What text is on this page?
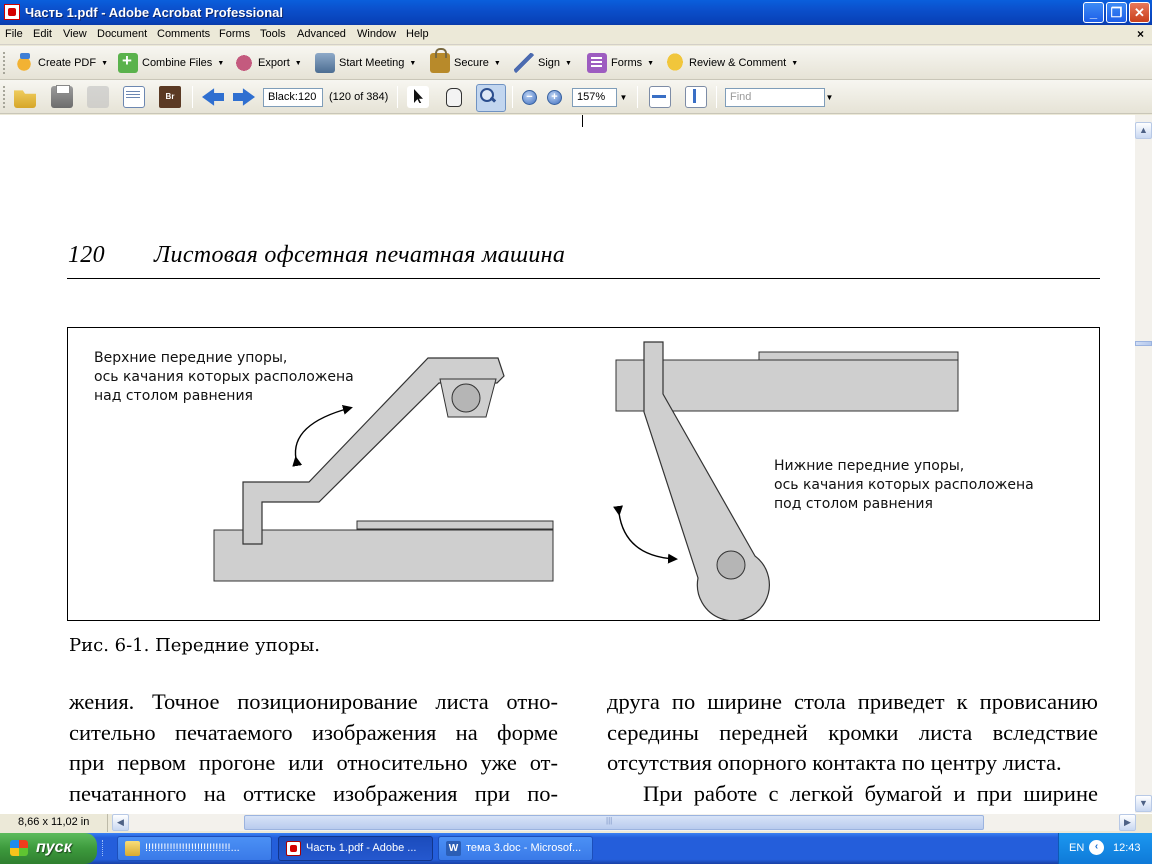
Часть 1.pdf - Adobe Acrobat Professional	_	❐ ✕
File Edit View Document Comments Forms Tools Advanced Window Help	×
Create PDF ▼ +	Combine Files ▼	Export ▼	Start Meeting ▼	Secure ▼	Sign ▼	Forms ▼	Review & Comment ▼
Br	Black:120	(120 of 384)	−	+	157%	▼	Find	▼
120 Листовая офсетная печатная машина
Верхние передние упоры,
ось качания которых расположена
над столом равнения
Нижние передние упоры,
ось качания которых расположена
под столом равнения
Рис. 6-1. Передние упоры.
жения. Точное позиционирование листа отно-
сительно печатаемого изображения на форме
при первом прогоне или относительно уже от-
печатанного на оттиске изображения при по-
друга по ширине стола приведет к провисанию
середины передней кромки листа вследствие
отсутствия опорного контакта по центру листа.
При работе с легкой бумагой и при ширине
▲
▼
8,66 x 11,02 in	◀ |||	▶
пуск	!!!!!!!!!!!!!!!!!!!!!!!!!!!!...	Часть 1.pdf - Adobe ...	W тема 3.doc - Microsof...	EN	‹	12:43
